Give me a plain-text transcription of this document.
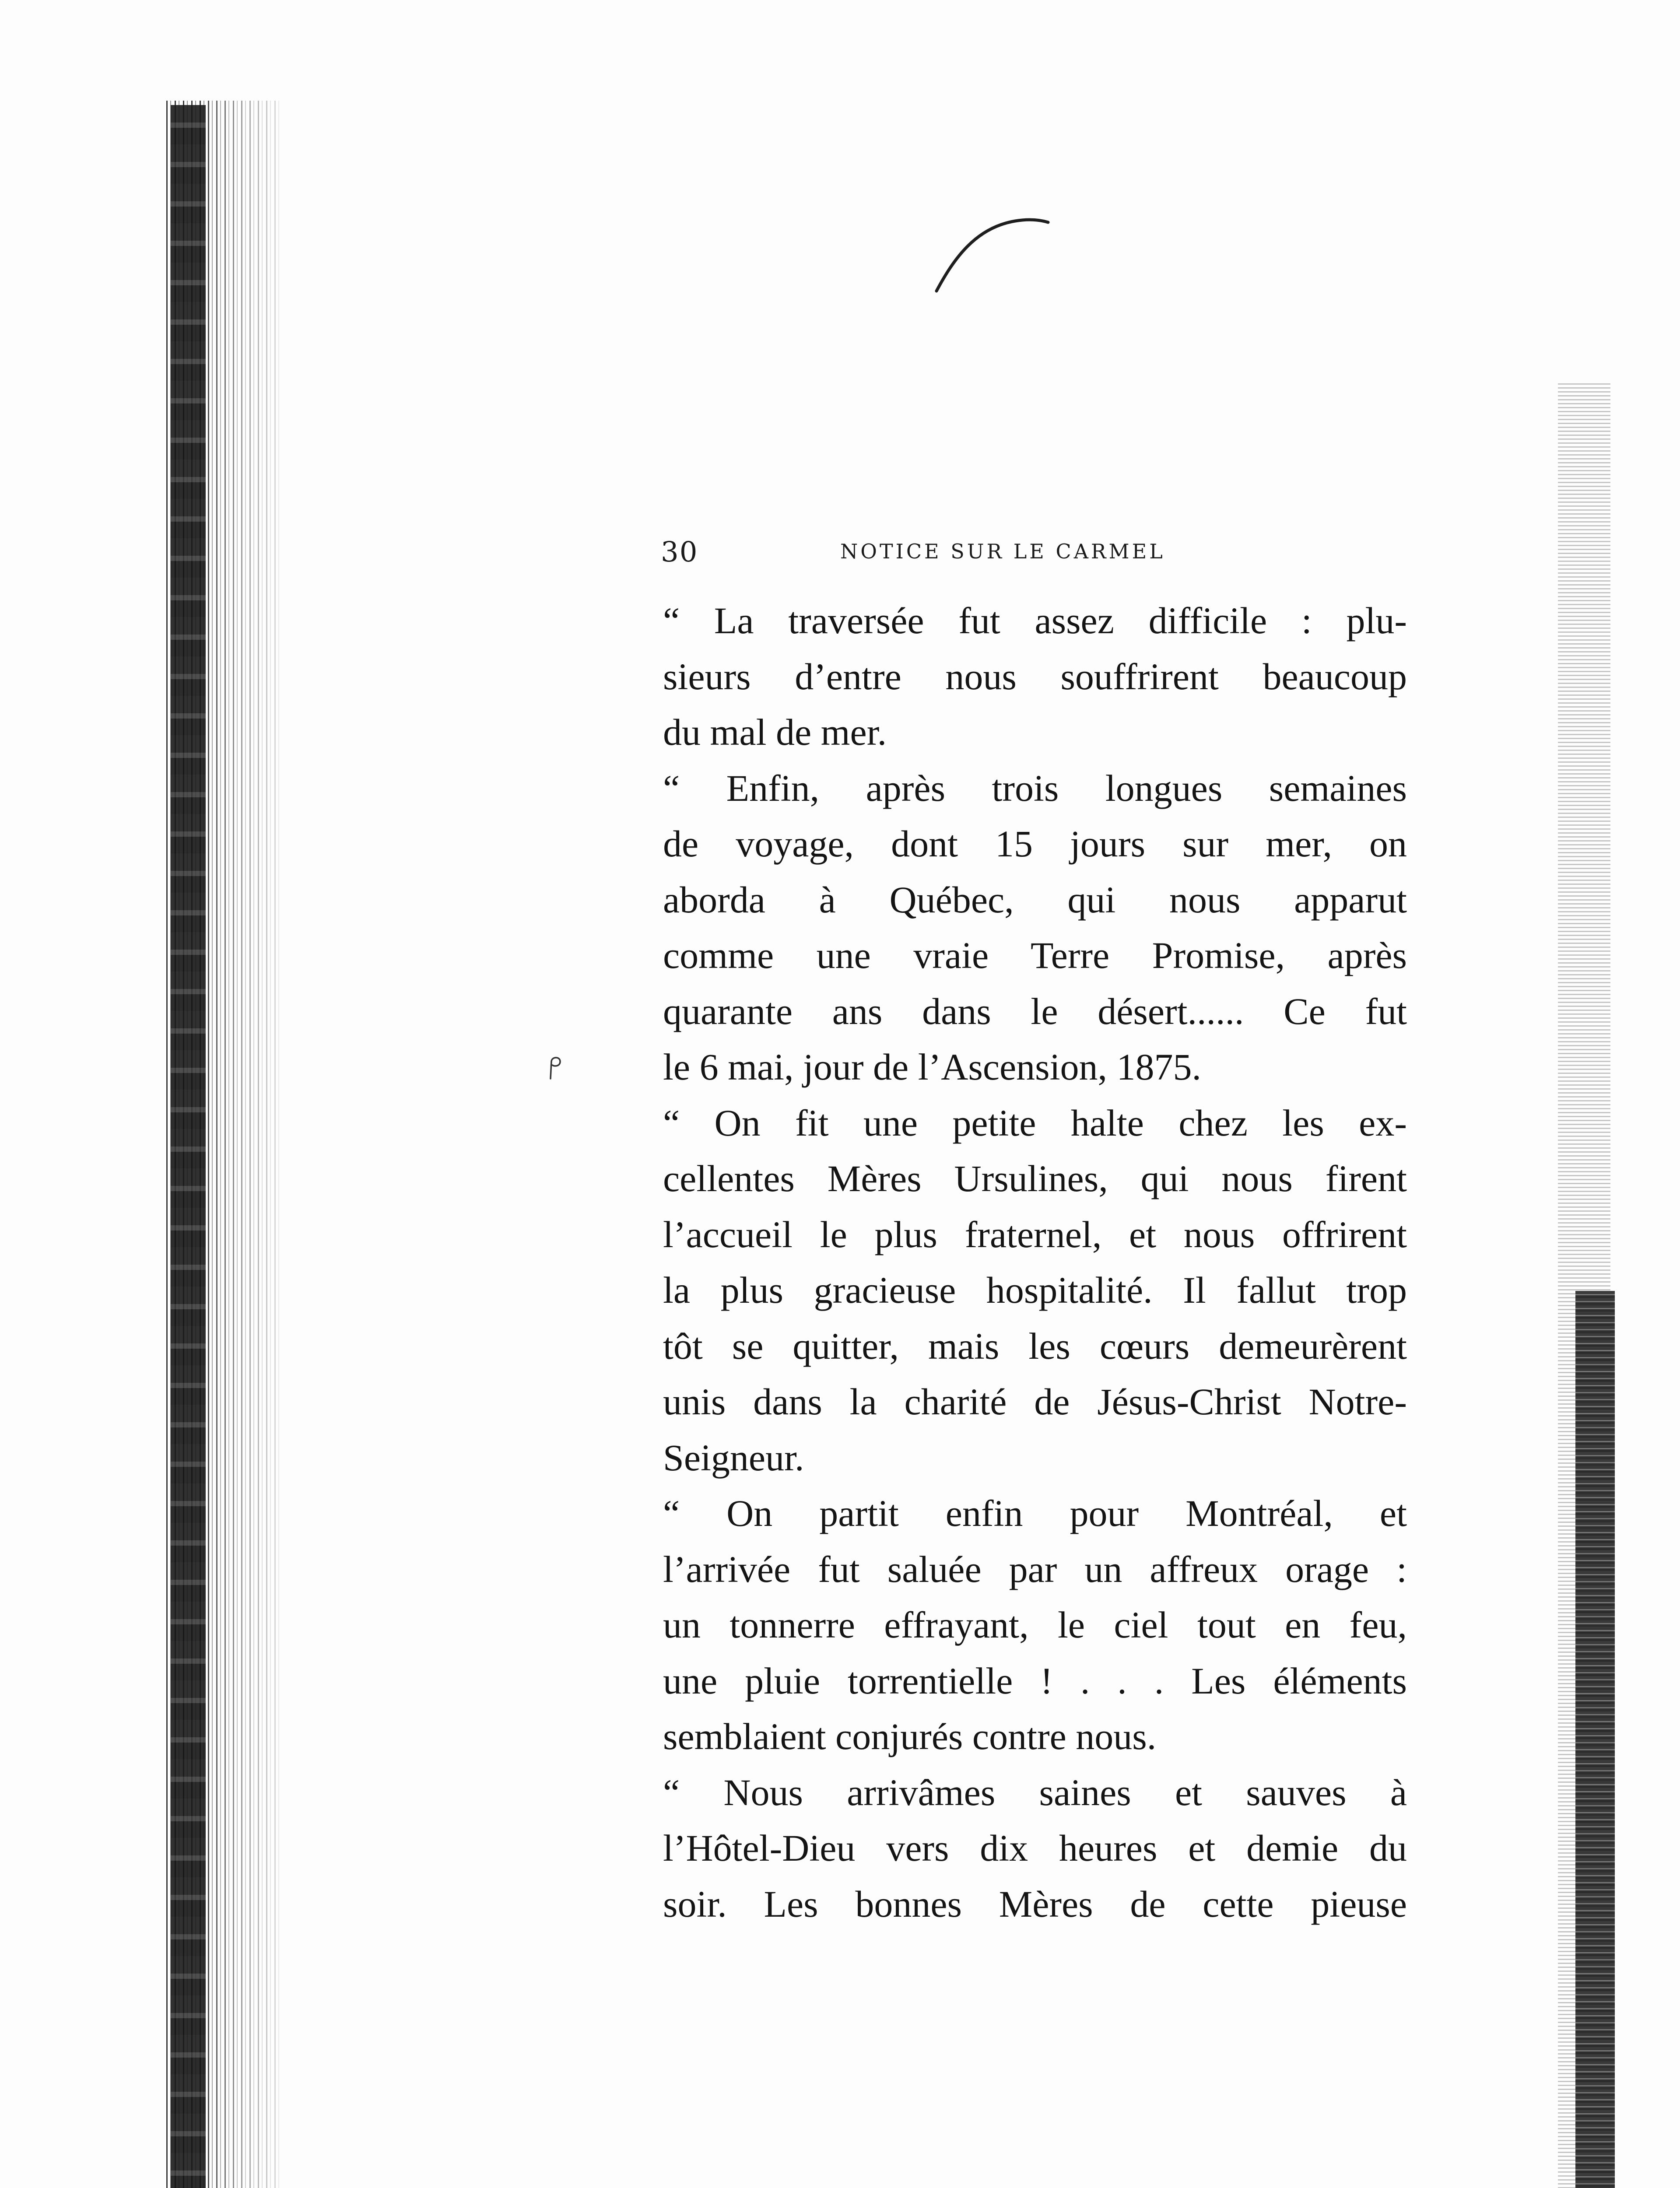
30	NOTICE SUR LE CARMEL
“ La traversée fut assez difficile : plu-
sieurs d’entre nous souffrirent beaucoup
du mal de mer.
“ Enfin, après trois longues semaines
de voyage, dont 15 jours sur mer, on
aborda à Québec, qui nous apparut
comme une vraie Terre Promise, après
quarante ans dans le désert...... Ce fut
le 6 mai, jour de l’Ascension, 1875.
“ On fit une petite halte chez les ex-
cellentes Mères Ursulines, qui nous firent
l’accueil le plus fraternel, et nous offrirent
la plus gracieuse hospitalité. Il fallut trop
tôt se quitter, mais les cœurs demeurèrent
unis dans la charité de Jésus-Christ Notre-
Seigneur.
“ On partit enfin pour Montréal, et
l’arrivée fut saluée par un affreux orage :
un tonnerre effrayant, le ciel tout en feu,
une pluie torrentielle ! . . . Les éléments
semblaient conjurés contre nous.
“ Nous arrivâmes saines et sauves à
l’Hôtel-Dieu vers dix heures et demie du
soir. Les bonnes Mères de cette pieuse
